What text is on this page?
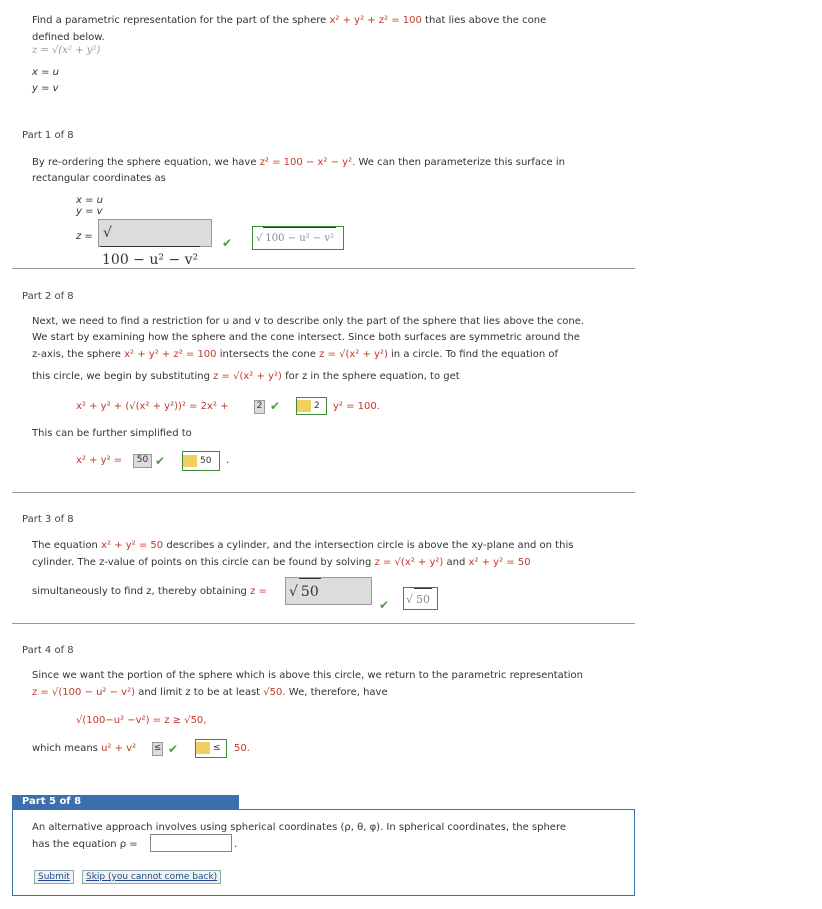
Find a parametric representation for the part of the sphere x² + y² + z² = 100 that lies above the cone
defined below.
z = √(x² + y²)
x = u
y = v
Part 1 of 8
By re-ordering the sphere equation, we have z² = 100 − x² − y². We can then parameterize this surface in
rectangular coordinates as
x = u
y = v
z = √100 − u² − v²
✔	√ 100 − u² − v²
Part 2 of 8
Next, we need to find a restriction for u and v to describe only the part of the sphere that lies above the cone.
We start by examining how the sphere and the cone intersect. Since both surfaces are symmetric around the
z-axis, the sphere x² + y² + z² = 100 intersects the cone z = √(x² + y²) in a circle. To find the equation of
this circle, we begin by substituting z = √(x² + y²) for z in the sphere equation, to get
x² + y² + (√(x² + y²))² = 2x² +	2 ✔	2	y² = 100.
This can be further simplified to
x² + y² =	50 ✔	50	.
Part 3 of 8
The equation x² + y² = 50 describes a cylinder, and the intersection circle is above the xy-plane and on this
cylinder. The z-value of points on this circle can be found by solving z = √(x² + y²) and x² + y² = 50
simultaneously to find z, thereby obtaining z = √ 50
✔ √ 50
Part 4 of 8
Since we want the portion of the sphere which is above this circle, we return to the parametric representation
z = √(100 − u² − v²) and limit z to be at least √50. We, therefore, have
√(100−u² −v²) = z ≥ √50,
which means u² + v² ≤ ✔	≤	50.
Part 5 of 8
An alternative approach involves using spherical coordinates (ρ, θ, φ). In spherical coordinates, the sphere
has the equation ρ =	.
Submit	Skip (you cannot come back)
